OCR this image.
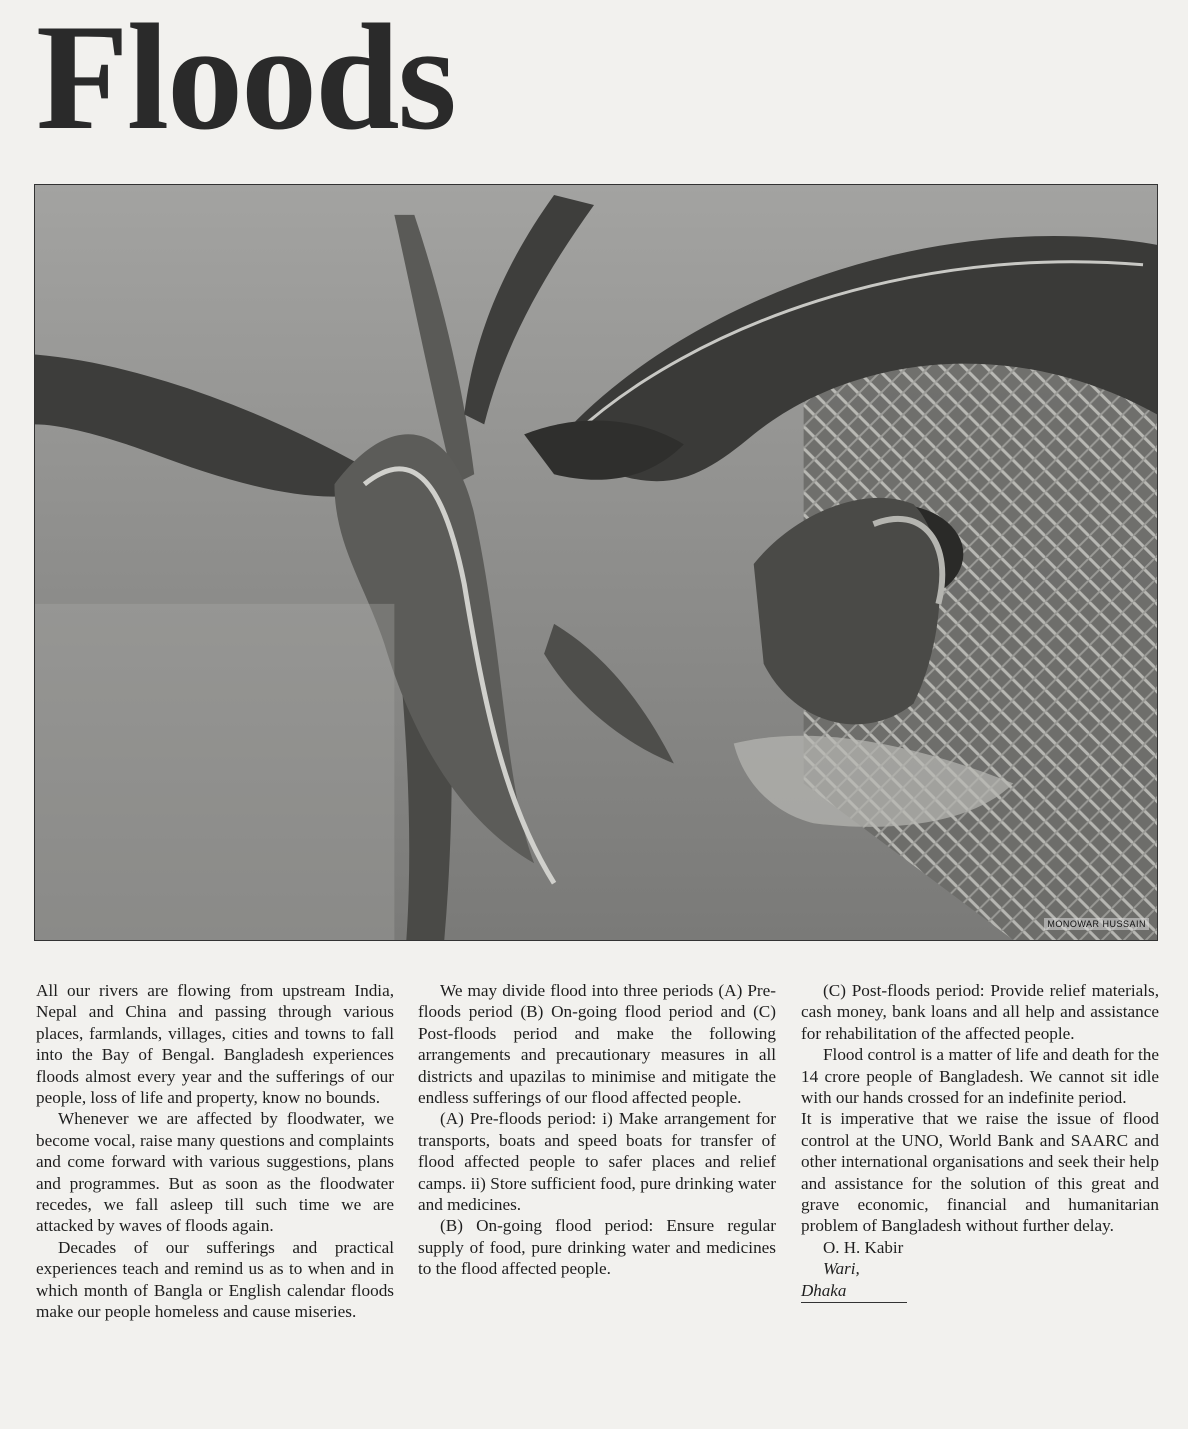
Floods
MONOWAR HUSSAIN

All our rivers are flowing from upstream India, Nepal and China and passing through various places, farmlands, villages, cities and towns to fall into the Bay of Bengal. Bangladesh experiences floods almost every year and the sufferings of our people, loss of life and property, know no bounds.

Whenever we are affected by floodwater, we become vocal, raise many questions and complaints and come forward with various suggestions, plans and programmes. But as soon as the floodwater recedes, we fall asleep till such time we are attacked by waves of floods again.

Decades of our sufferings and practical experiences teach and remind us as to when and in which month of Bangla or English calendar floods make our people homeless and cause miseries.

We may divide flood into three periods (A) Pre-floods period (B) On-going flood period and (C) Post-floods period and make the following arrangements and precautionary measures in all districts and upazilas to minimise and mitigate the endless sufferings of our flood affected people.

(A) Pre-floods period: i) Make arrangement for transports, boats and speed boats for transfer of flood affected people to safer places and relief camps. ii) Store sufficient food, pure drinking water and medicines.

(B) On-going flood period: Ensure regular supply of food, pure drinking water and medicines to the flood affected people.

(C) Post-floods period: Provide relief materials, cash money, bank loans and all help and assistance for rehabilitation of the affected people.

Flood control is a matter of life and death for the 14 crore people of Bangladesh. We cannot sit idle with our hands crossed for an indefinite period.

It is imperative that we raise the issue of flood control at the UNO, World Bank and SAARC and other international organisations and seek their help and assistance for the solution of this great and grave economic, financial and humanitarian problem of Bangladesh without further delay.

O. H. Kabir

Wari, Dhaka
